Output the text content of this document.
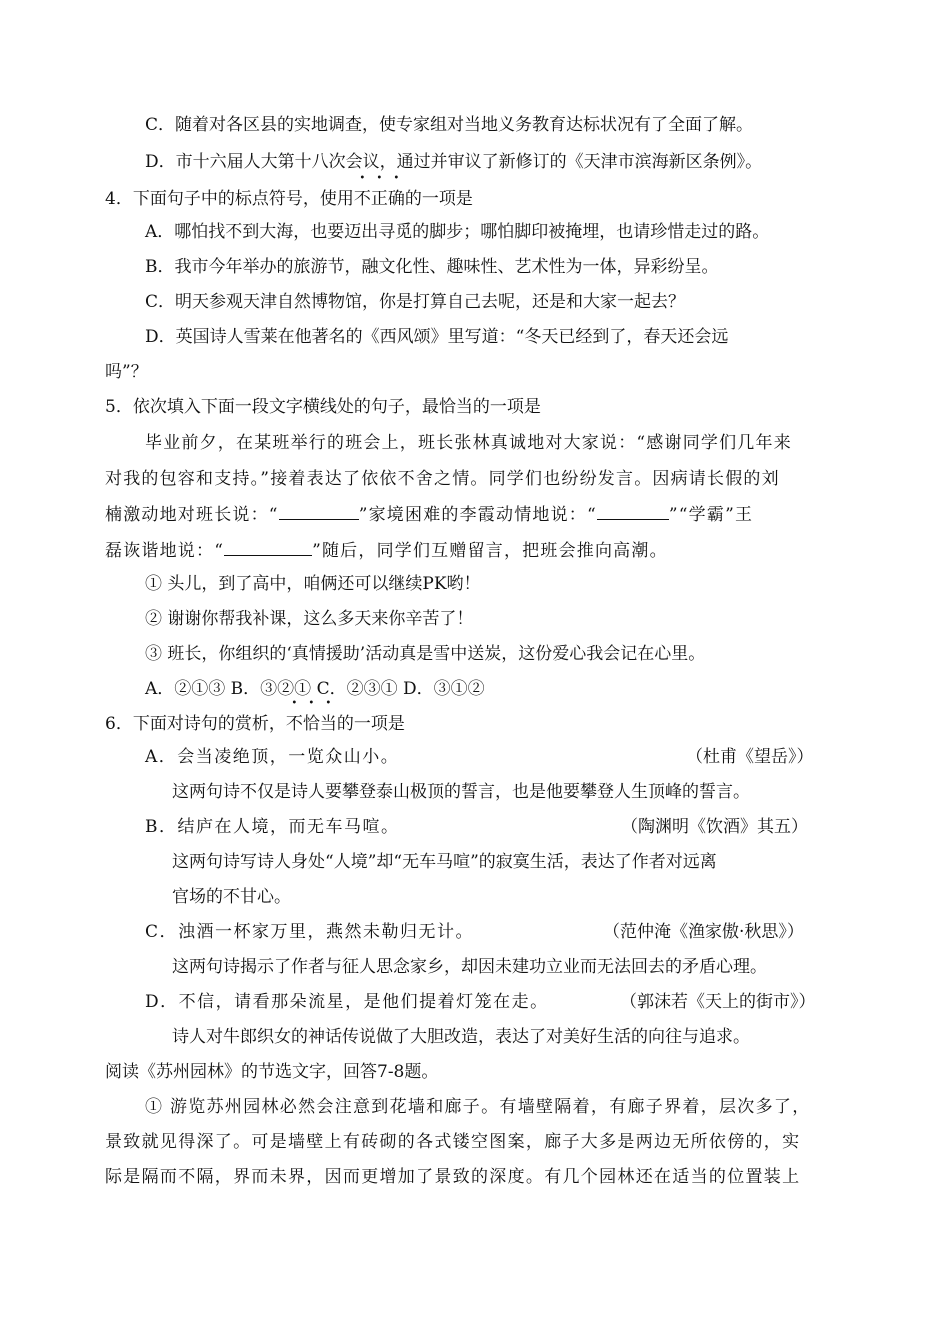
C．随着对各区县的实地调查，使专家组对当地义务教育达标状况有了全面了解。
D．市十六届人大第十八次会议，通过并审议了新修订的《天津市滨海新区条例》。
4．下面句子中的标点符号，使用不正确的一项是
A．哪怕找不到大海，也要迈出寻觅的脚步；哪怕脚印被掩埋，也请珍惜走过的路。
B．我市今年举办的旅游节，融文化性、趣味性、艺术性为一体，异彩纷呈。
C．明天参观天津自然博物馆，你是打算自己去呢，还是和大家一起去？
D．英国诗人雪莱在他著名的《西风颂》里写道：“冬天已经到了，春天还会远
吗”？
5．依次填入下面一段文字横线处的句子，最恰当的一项是
毕业前夕，在某班举行的班会上，班长张林真诚地对大家说：“感谢同学们几年来
对我的包容和支持。”接着表达了依依不舍之情。同学们也纷纷发言。因病请长假的刘
楠激动地对班长说：“	”家境困难的李霞动情地说：“	”“学霸”王
磊诙谐地说：“	”随后，同学们互赠留言，把班会推向高潮。
① 头儿，到了高中，咱俩还可以继续PK哟！
② 谢谢你帮我补课，这么多天来你辛苦了！
③ 班长，你组织的‘真情援助’活动真是雪中送炭，这份爱心我会记在心里。
A．②①③ B．③②① C．②③① D．③①②
6．下面对诗句的赏析，不恰当的一项是
A．会当凌绝顶，一览众山小。	（杜甫《望岳》）
这两句诗不仅是诗人要攀登泰山极顶的誓言，也是他要攀登人生顶峰的誓言。
B．结庐在人境，而无车马喧。	（陶渊明《饮酒》其五）
这两句诗写诗人身处“人境”却“无车马喧”的寂寞生活，表达了作者对远离
官场的不甘心。
C．浊酒一杯家万里，燕然未勒归无计。	（范仲淹《渔家傲·秋思》）
这两句诗揭示了作者与征人思念家乡，却因未建功立业而无法回去的矛盾心理。
D．不信，请看那朵流星，是他们提着灯笼在走。	（郭沫若《天上的街市》）
诗人对牛郎织女的神话传说做了大胆改造，表达了对美好生活的向往与追求。
阅读《苏州园林》的节选文字，回答7-8题。
① 游览苏州园林必然会注意到花墙和廊子。有墙壁隔着，有廊子界着，层次多了，
景致就见得深了。可是墙壁上有砖砌的各式镂空图案，廊子大多是两边无所依傍的，实
际是隔而不隔，界而未界，因而更增加了景致的深度。有几个园林还在适当的位置装上
